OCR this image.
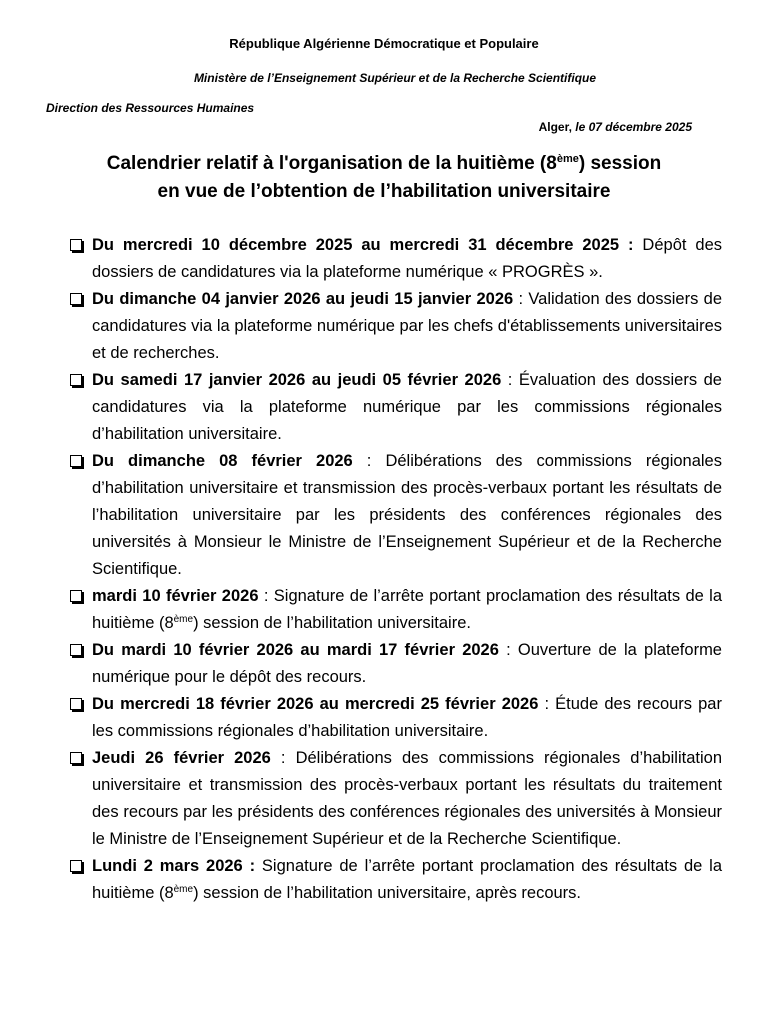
République Algérienne Démocratique et Populaire
Ministère de l’Enseignement Supérieur et de la Recherche Scientifique
Direction des Ressources Humaines
Alger, le 07 décembre 2025
Calendrier relatif à l'organisation de la huitième (8ème) session
en vue de l’obtention de l’habilitation universitaire
Du mercredi 10 décembre 2025 au mercredi 31 décembre 2025 : Dépôt des dossiers de candidatures via la plateforme numérique « PROGRÈS ».
Du dimanche 04 janvier 2026 au jeudi 15 janvier 2026 : Validation des dossiers de candidatures via la plateforme numérique par les chefs d'établissements universitaires et de recherches.
Du samedi 17 janvier 2026 au jeudi 05 février 2026 : Évaluation des dossiers de candidatures via la plateforme numérique par les commissions régionales d’habilitation universitaire.
Du dimanche 08 février 2026 : Délibérations des commissions régionales d’habilitation universitaire et transmission des procès-verbaux portant les résultats de l’habilitation universitaire par les présidents des conférences régionales des universités à Monsieur le Ministre de l’Enseignement Supérieur et de la Recherche Scientifique.
mardi 10 février 2026 : Signature de l’arrête portant proclamation des résultats de la huitième (8ème) session de l’habilitation universitaire.
Du mardi 10 février 2026 au mardi 17 février 2026 : Ouverture de la plateforme numérique pour le dépôt des recours.
Du mercredi 18 février 2026 au mercredi 25 février 2026 : Étude des recours par les commissions régionales d’habilitation universitaire.
Jeudi 26 février 2026 : Délibérations des commissions régionales d’habilitation universitaire et transmission des procès-verbaux portant les résultats du traitement des recours par les présidents des conférences régionales des universités à Monsieur le Ministre de l’Enseignement Supérieur et de la Recherche Scientifique.
Lundi 2 mars 2026 : Signature de l’arrête portant proclamation des résultats de la huitième (8ème) session de l’habilitation universitaire, après recours.
